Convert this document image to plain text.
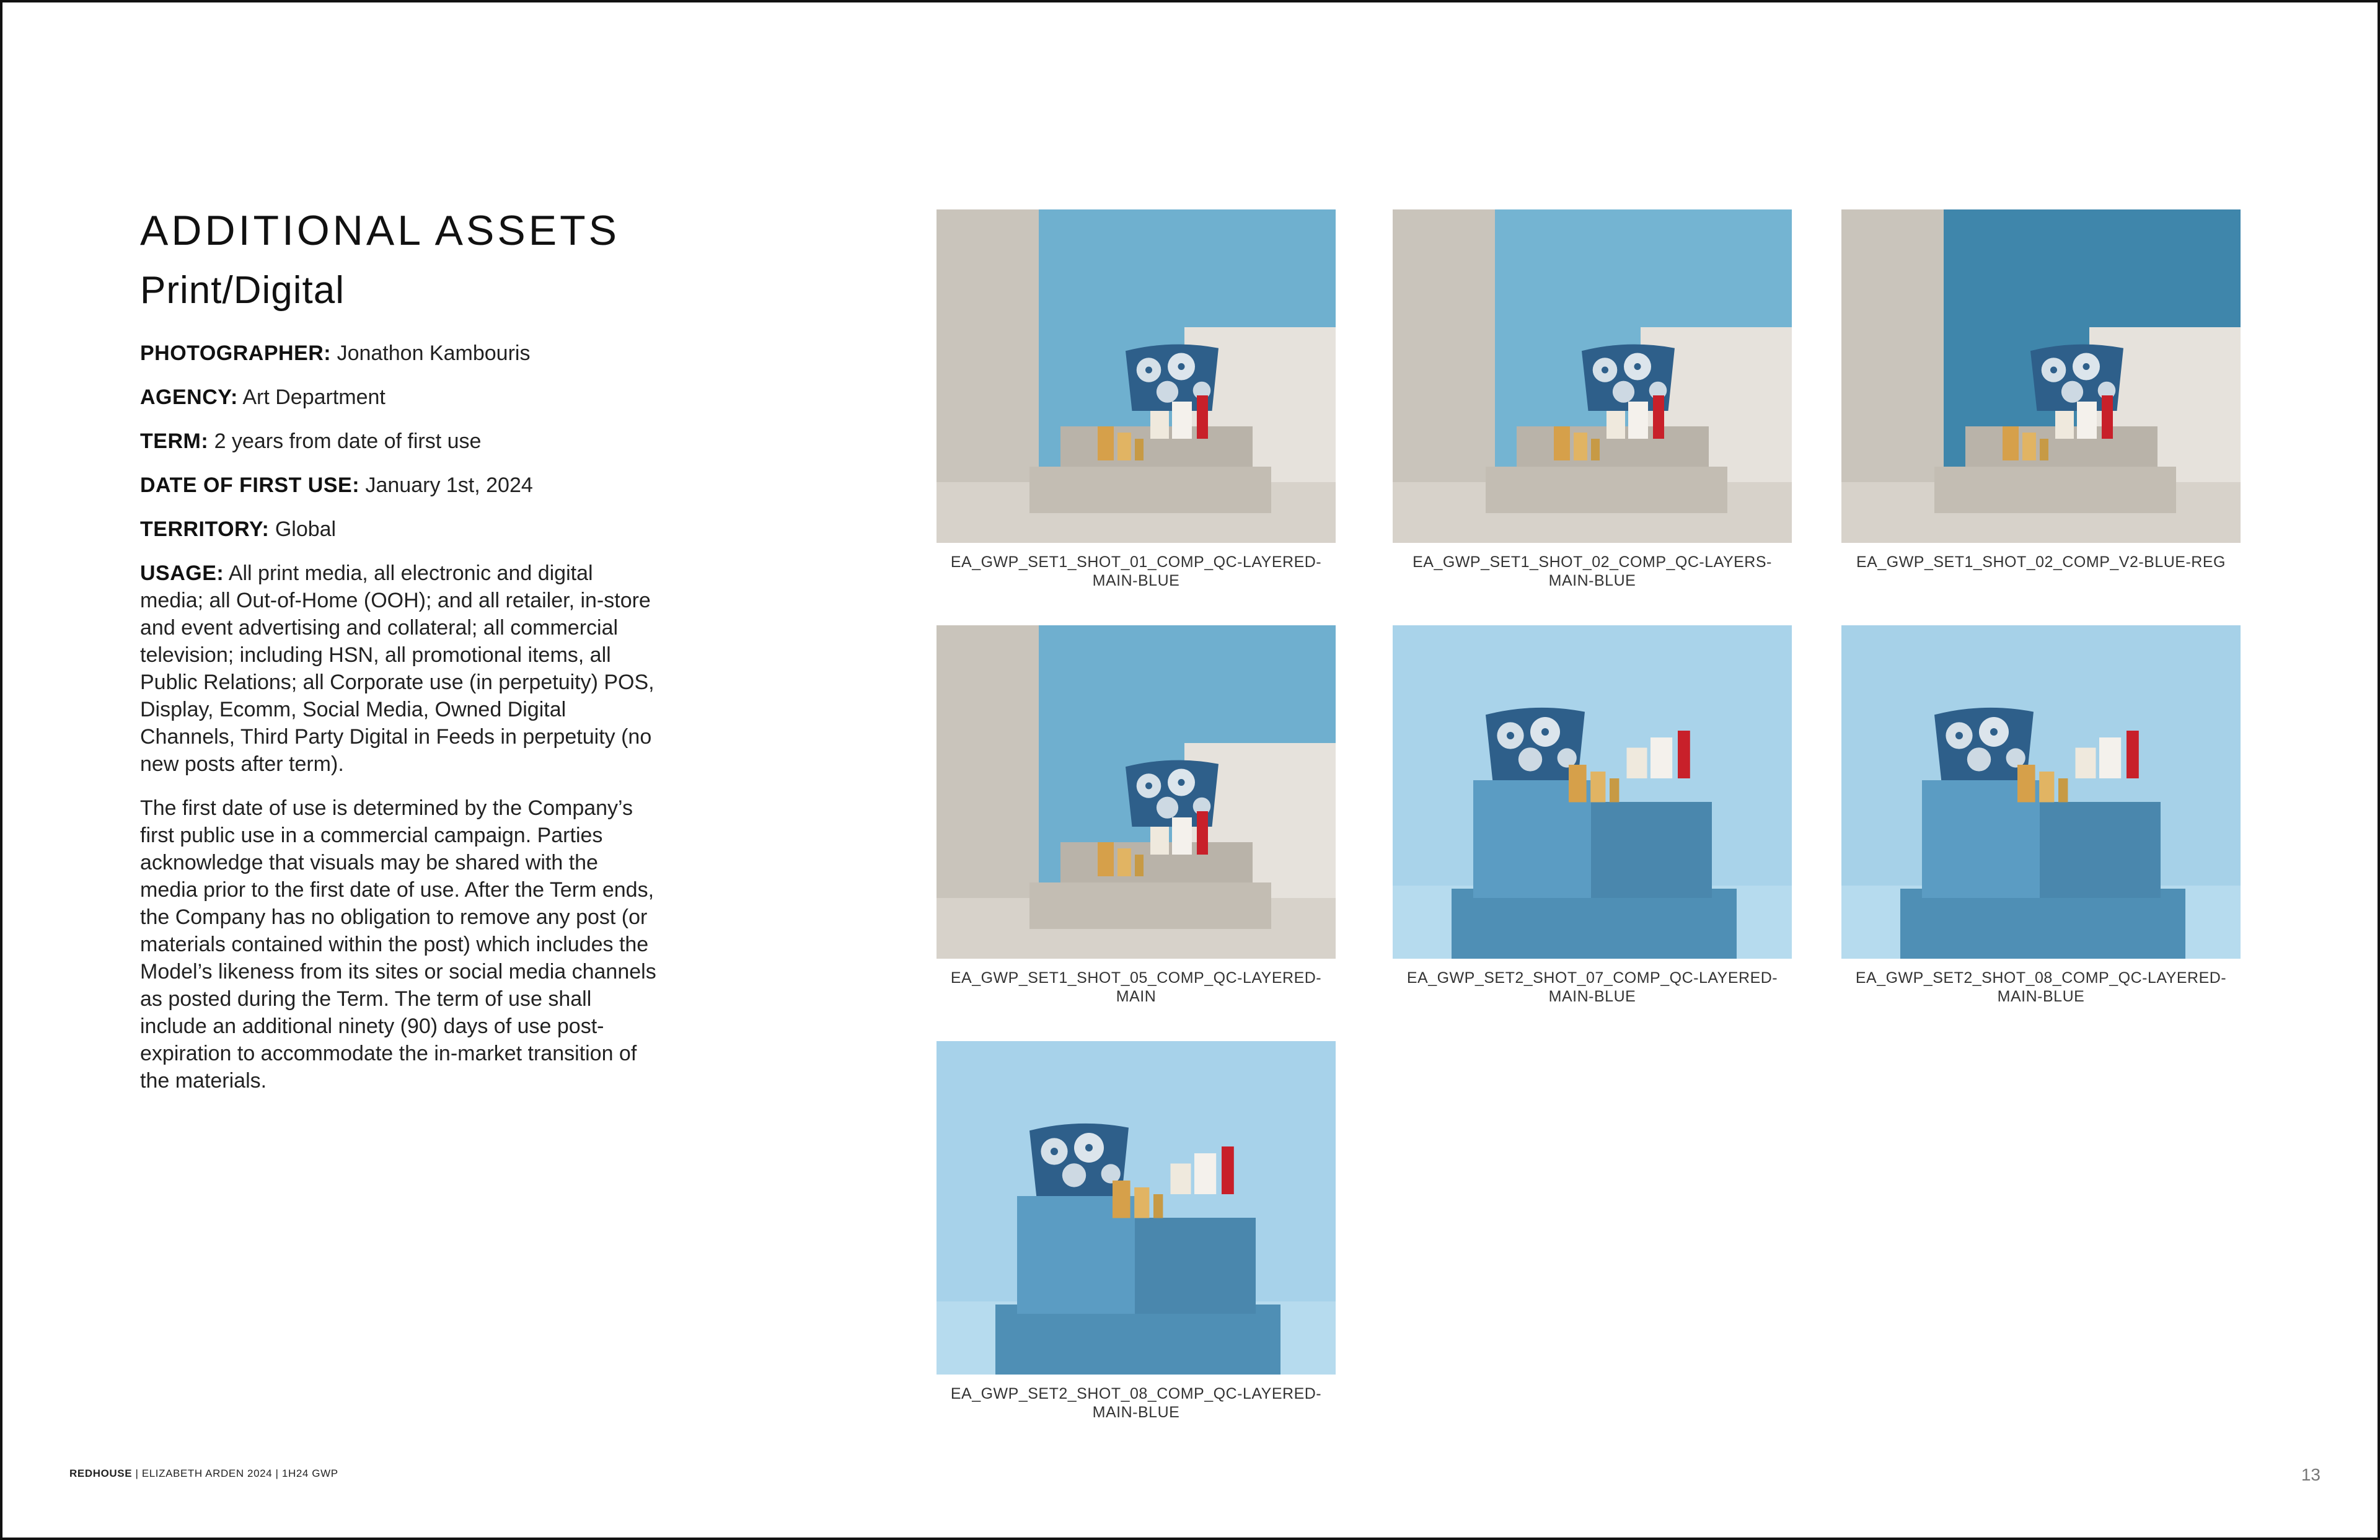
ADDITIONAL ASSETS
Print/Digital

PHOTOGRAPHER: Jonathon Kambouris

AGENCY: Art Department

TERM: 2 years from date of first use

DATE OF FIRST USE: January 1st, 2024

TERRITORY: Global

USAGE: All print media, all electronic and digital media; all Out-of-Home (OOH); and all retailer, in-store and event advertising and collateral; all commercial television; including HSN, all promotional items, all Public Relations; all Corporate use (in perpetuity) POS, Display, Ecomm, Social Media, Owned Digital Channels, Third Party Digital in Feeds in perpetuity (no new posts after term).

The first date of use is determined by the Company’s first public use in a commercial campaign. Parties acknowledge that visuals may be shared with the media prior to the first date of use. After the Term ends, the Company has no obligation to remove any post (or materials contained within the post) which includes the Model’s likeness from its sites or social media channels as posted during the Term. The term of use shall include an additional ninety (90) days of use post-expiration to accommodate the in-market transition of the materials.

EA_GWP_SET1_SHOT_01_COMP_QC-LAYERED-
MAIN-BLUE
EA_GWP_SET1_SHOT_02_COMP_QC-LAYERS-
MAIN-BLUE
EA_GWP_SET1_SHOT_02_COMP_V2-BLUE-REG
EA_GWP_SET1_SHOT_05_COMP_QC-LAYERED-
MAIN
EA_GWP_SET2_SHOT_07_COMP_QC-LAYERED-
MAIN-BLUE
EA_GWP_SET2_SHOT_08_COMP_QC-LAYERED-
MAIN-BLUE
EA_GWP_SET2_SHOT_08_COMP_QC-LAYERED-
MAIN-BLUE
REDHOUSE | ELIZABETH ARDEN 2024 | 1H24 GWP	13
